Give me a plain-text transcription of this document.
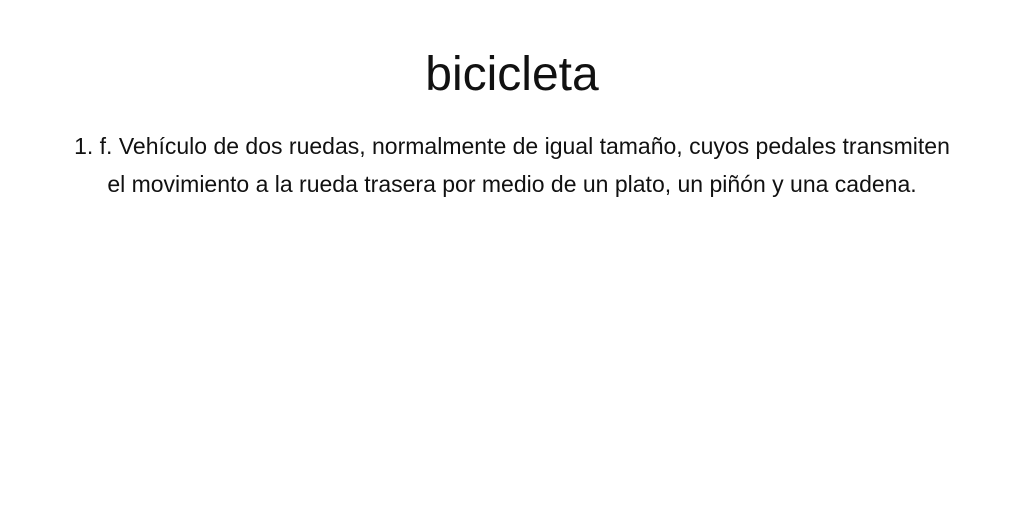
bicicleta

1. f. Vehículo de dos ruedas, normalmente de igual tamaño, cuyos pedales transmiten el movimiento a la rueda trasera por medio de un plato, un piñón y una cadena.
